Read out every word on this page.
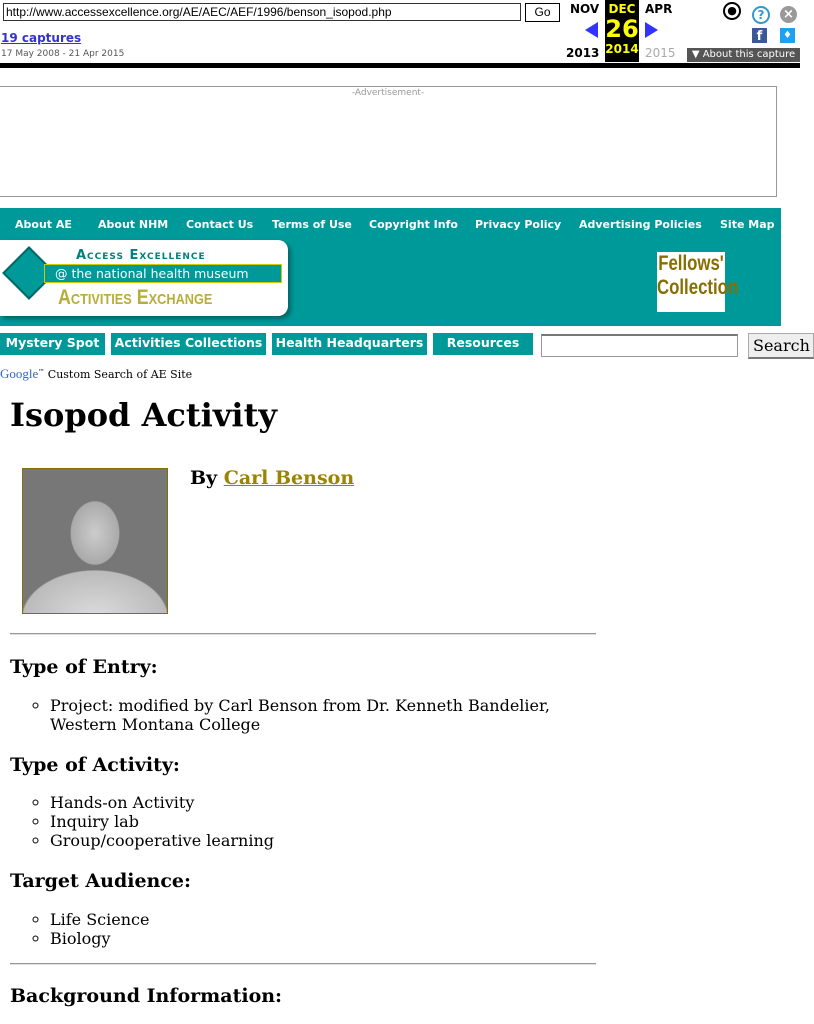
http://www.accessexcellence.org/AE/AEC/AEF/1996/benson_isopod.php	Go	NOV	APR
19 captures
17 May 2008 - 21 Apr 2015
DEC
26
2014
2013	2015
●	?	×
f	♦
▼ About this capture
-Advertisement-
About AE About NHM Contact Us Terms of Use Copyright Info Privacy Policy Advertising Policies Site Map
Access Excellence
@ the national health museum
Activities Exchange
Fellows'
Collection
Mystery Spot	Activities Collections Health Headquarters	Resources	Search
Google™ Custom Search of AE Site
Isopod Activity
By Carl Benson
Type of Entry:
◦ Project: modified by Carl Benson from Dr. Kenneth Bandelier, Western Montana College
Type of Activity:
◦ Hands-on Activity
◦ Inquiry lab
◦ Group/cooperative learning
Target Audience:
◦ Life Science
◦ Biology
Background Information:
